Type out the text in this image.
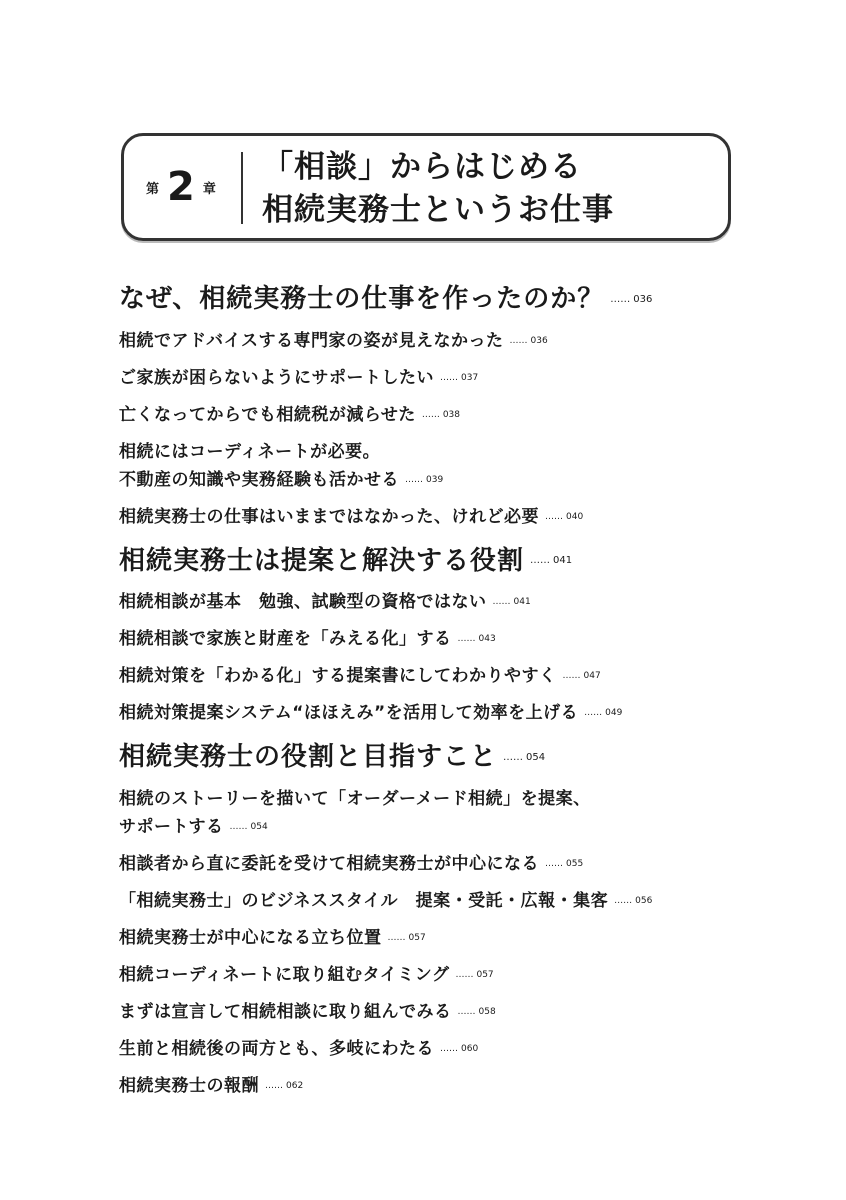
第 2 章
「相談」からはじめる
相続実務士というお仕事
なぜ、相続実務士の仕事を作ったのか？ …… 036
相続でアドバイスする専門家の姿が見えなかった …… 036
ご家族が困らないようにサポートしたい …… 037
亡くなってからでも相続税が減らせた …… 038
相続にはコーディネートが必要。
不動産の知識や実務経験も活かせる …… 039
相続実務士の仕事はいままではなかった、けれど必要 …… 040
相続実務士は提案と解決する役割 …… 041
相続相談が基本　勉強、試験型の資格ではない …… 041
相続相談で家族と財産を「みえる化」する …… 043
相続対策を「わかる化」する提案書にしてわかりやすく …… 047
相続対策提案システム“ほほえみ”を活用して効率を上げる …… 049
相続実務士の役割と目指すこと …… 054
相続のストーリーを描いて「オーダーメード相続」を提案、
サポートする …… 054
相談者から直に委託を受けて相続実務士が中心になる …… 055
「相続実務士」のビジネススタイル　提案・受託・広報・集客 …… 056
相続実務士が中心になる立ち位置 …… 057
相続コーディネートに取り組むタイミング …… 057
まずは宣言して相続相談に取り組んでみる …… 058
生前と相続後の両方とも、多岐にわたる …… 060
相続実務士の報酬 …… 062
